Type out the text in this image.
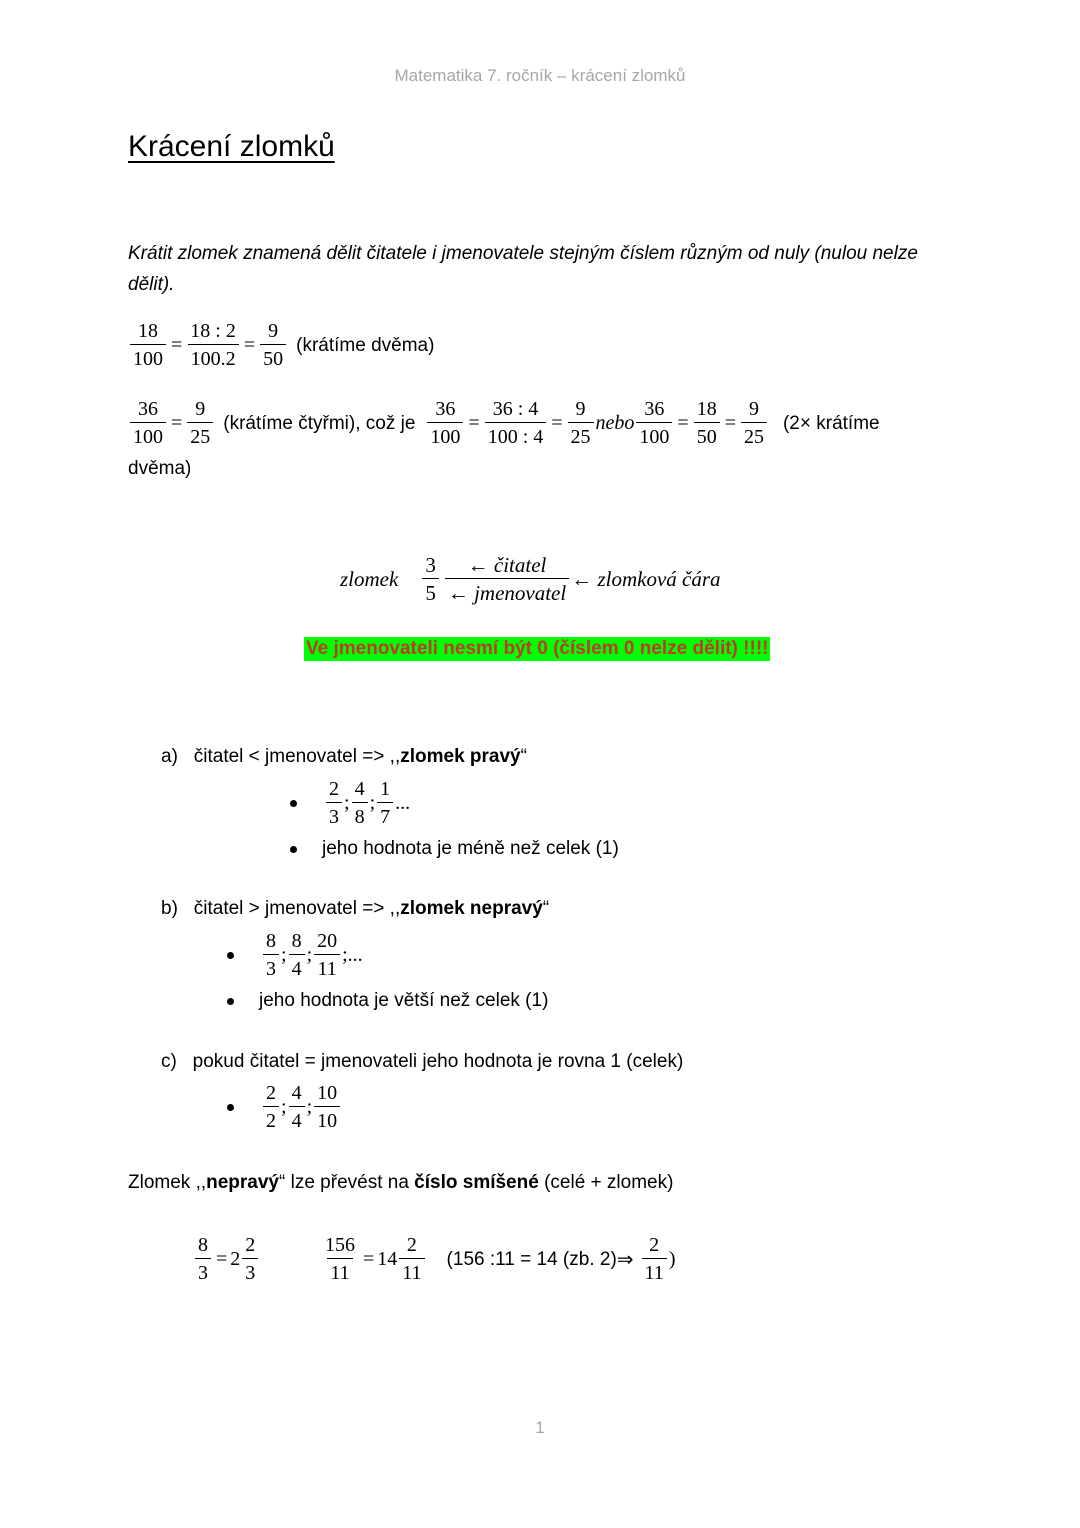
Matematika 7. ročník – krácení zlomků
Krácení zlomků
Krátit zlomek znamená dělit čitatele i jmenovatele stejným číslem různým od nuly (nulou nelze dělit).
$\frac{18}{100} = \frac{18 : 2}{100.2} = \frac{9}{50}$ (krátíme dvěma)
$\frac{36}{100} = \frac{9}{25}$ (krátíme čtyřmi), což je $\frac{36}{100} = \frac{36 : 4}{100 : 4} = \frac{9}{25}$ nebo $\frac{36}{100} = \frac{18}{50} = \frac{9}{25} (2\times$ krátíme
dvěma)
zlomek $\frac{3}{5} \frac{\text{← čitatel}}{\text{← jmenovatel}}$ ← zlomková čára
Ve jmenovateli nesmí být 0 (číslem 0 nelze dělit) !!!!
a) čitatel < jmenovatel => ,,zlomek pravý“
$\frac{2}{3}$ ; $\frac{4}{8}$ ; $\frac{1}{7}$ ...
jeho hodnota je méně než celek (1)
b) čitatel > jmenovatel => ,,zlomek nepravý“
$\frac{8}{3}$ ; $\frac{8}{4}$ ; $\frac{20}{11}$ ;...
jeho hodnota je větší než celek (1)
c) pokud čitatel = jmenovateli jeho hodnota je rovna 1 (celek)
$\frac{2}{2}$ ; $\frac{4}{4}$ ; $\frac{10}{10}$
Zlomek ,,nepravý“ lze převést na číslo smíšené (celé + zlomek)
$\frac{8}{3} = 2 \frac{2}{3}$	$\frac{156}{11} = 14 \frac{2}{11} (156$ :11 = 14 (zb. 2) ⇒ $\frac{2}{11}$ )
1
